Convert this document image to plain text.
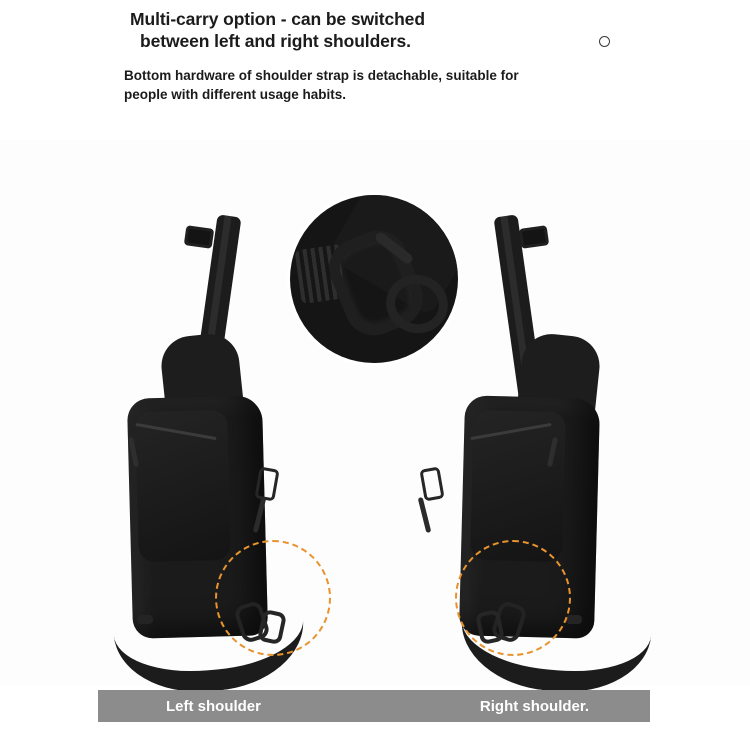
Multi-carry option - can be switched
between left and right shoulders.
Bottom hardware of shoulder strap is detachable, suitable for
people with different usage habits.
Left shoulder	Right shoulder.
